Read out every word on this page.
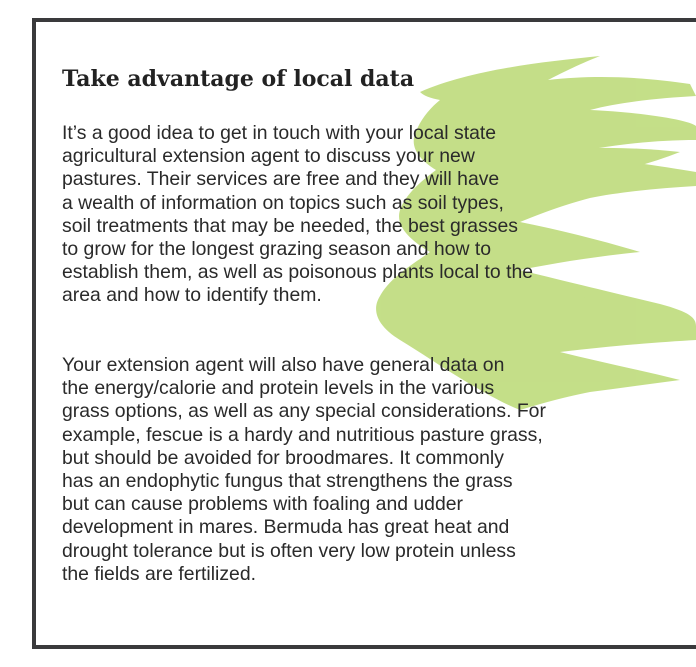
Take advantage of local data

It’s a good idea to get in touch with your local state
agricultural extension agent to discuss your new
pastures. Their services are free and they will have
a wealth of information on topics such as soil types,
soil treatments that may be needed, the best grasses
to grow for the longest grazing season and how to
establish them, as well as poisonous plants local to the
area and how to identify them.

Your extension agent will also have general data on
the energy/calorie and protein levels in the various
grass options, as well as any special considerations. For
example, fescue is a hardy and nutritious pasture grass,
but should be avoided for broodmares. It commonly
has an endophytic fungus that strengthens the grass
but can cause problems with foaling and udder
development in mares. Bermuda has great heat and
drought tolerance but is often very low protein unless
the fields are fertilized.
